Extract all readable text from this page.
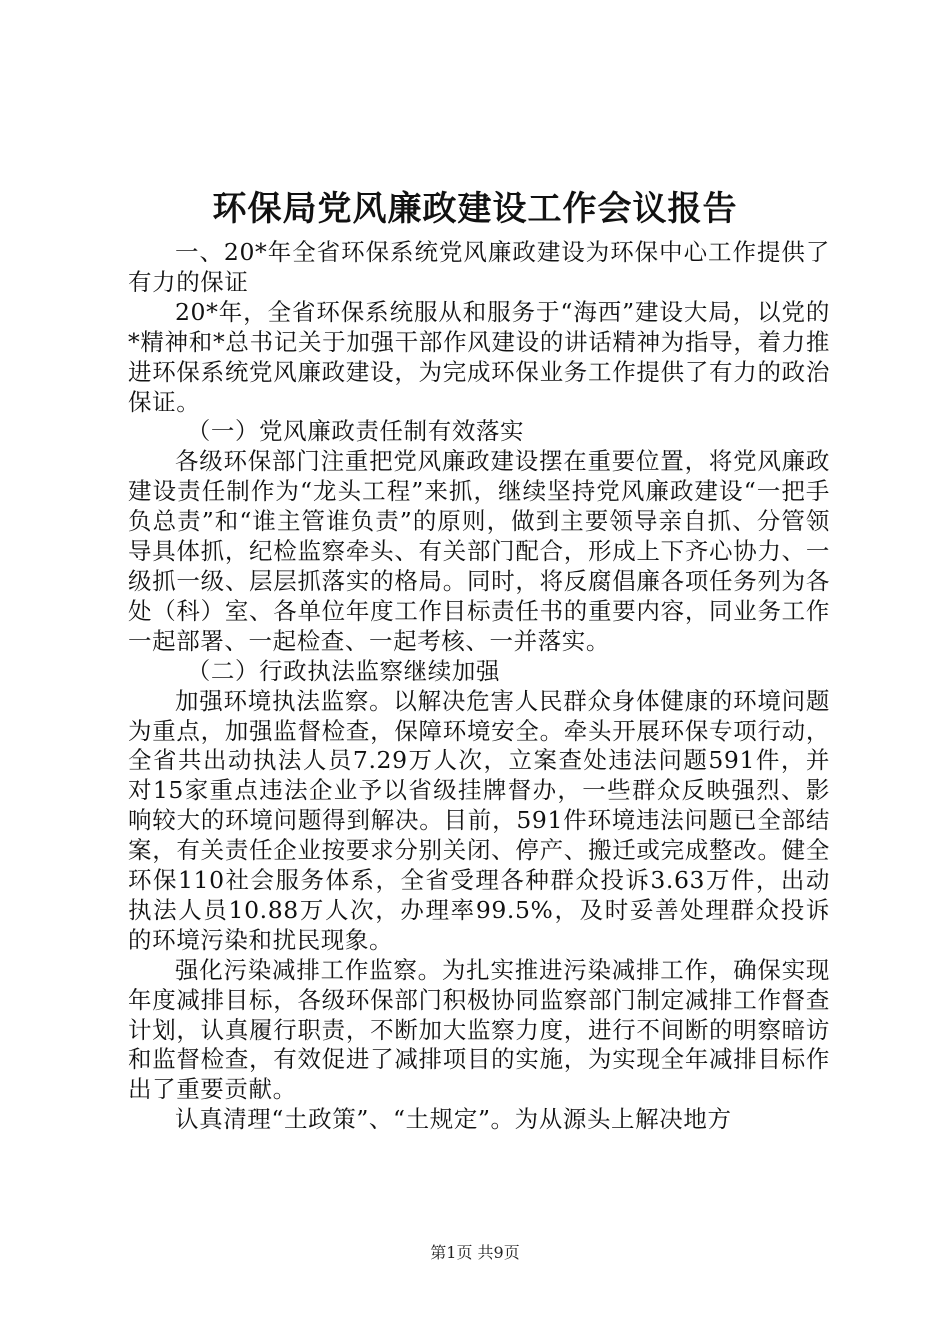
环保局党风廉政建设工作会议报告

一、20*年全省环保系统党风廉政建设为环保中心工作提供了有力的保证

20*年，全省环保系统服从和服务于“海西”建设大局，以党的*精神和*总书记关于加强干部作风建设的讲话精神为指导，着力推进环保系统党风廉政建设，为完成环保业务工作提供了有力的政治保证。

（一）党风廉政责任制有效落实

各级环保部门注重把党风廉政建设摆在重要位置，将党风廉政建设责任制作为“龙头工程”来抓，继续坚持党风廉政建设“一把手负总责”和“谁主管谁负责”的原则，做到主要领导亲自抓、分管领导具体抓，纪检监察牵头、有关部门配合，形成上下齐心协力、一级抓一级、层层抓落实的格局。同时，将反腐倡廉各项任务列为各处（科）室、各单位年度工作目标责任书的重要内容，同业务工作一起部署、一起检查、一起考核、一并落实。

（二）行政执法监察继续加强

加强环境执法监察。以解决危害人民群众身体健康的环境问题为重点，加强监督检查，保障环境安全。牵头开展环保专项行动，全省共出动执法人员7.29万人次，立案查处违法问题591件，并对15家重点违法企业予以省级挂牌督办，一些群众反映强烈、影响较大的环境问题得到解决。目前，591件环境违法问题已全部结案，有关责任企业按要求分别关闭、停产、搬迁或完成整改。健全环保110社会服务体系，全省受理各种群众投诉3.63万件，出动执法人员10.88万人次，办理率99.5%，及时妥善处理群众投诉的环境污染和扰民现象。

强化污染减排工作监察。为扎实推进污染减排工作，确保实现年度减排目标，各级环保部门积极协同监察部门制定减排工作督查计划，认真履行职责，不断加大监察力度，进行不间断的明察暗访和监督检查，有效促进了减排项目的实施，为实现全年减排目标作出了重要贡献。

认真清理“土政策”、“土规定”。为从源头上解决地方

第1页 共9页
